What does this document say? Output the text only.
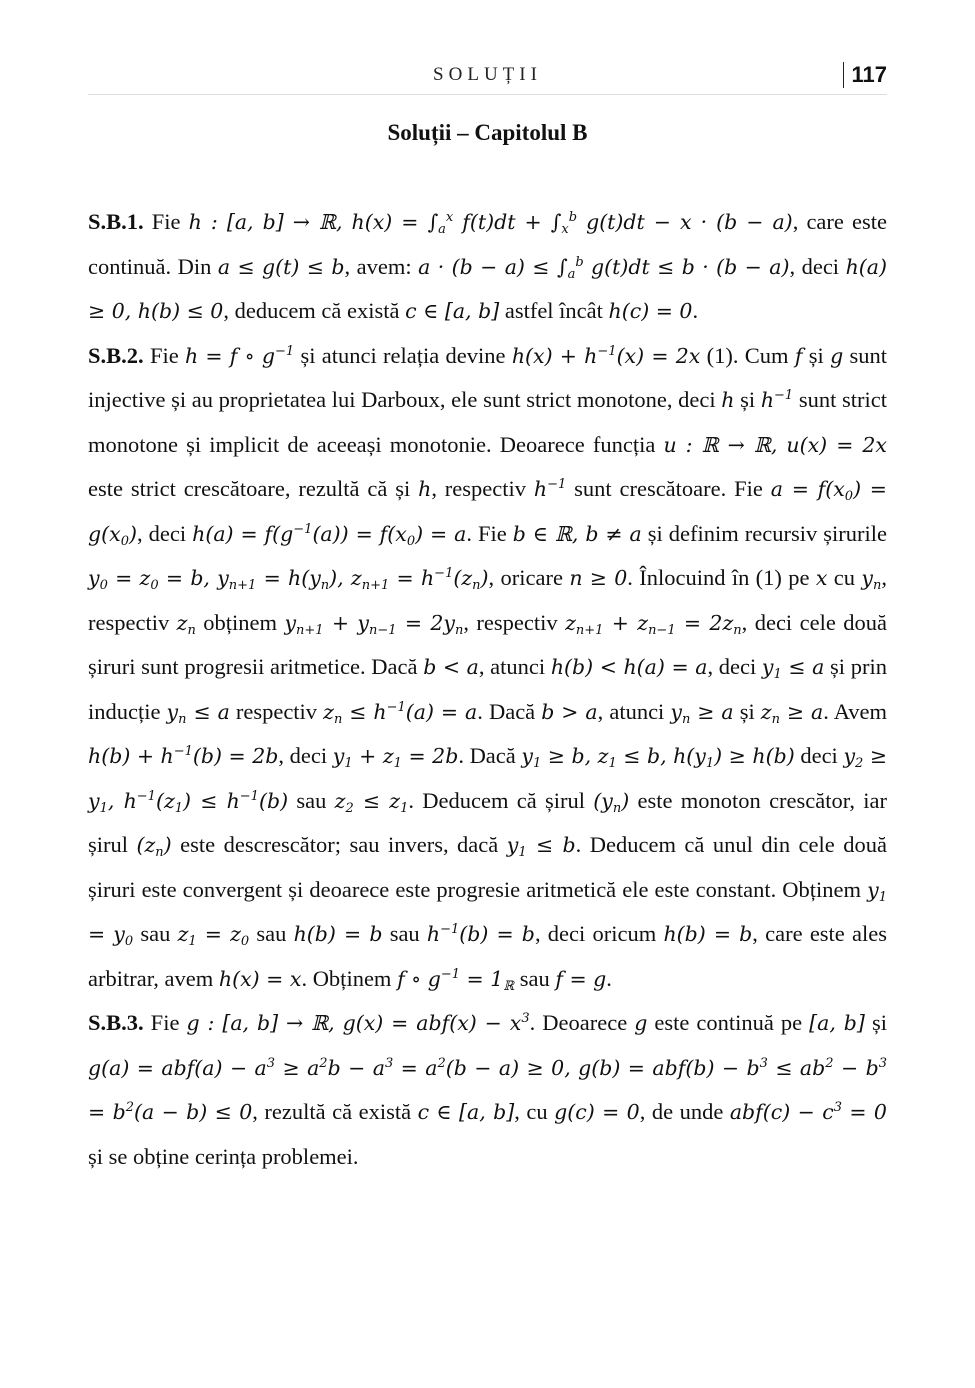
SOLUȚII	117
Soluții – Capitolul B

S.B.1. Fie h : [a, b] → ℝ, $h(x) = \int_a^x$ $f(t)dt + \int_x^b$ g(t)dt − x · (b − a), care este continuă. Din a ≤ g(t) ≤ b, avem: $a \cdot (b - a) \le \int_a^b$ g(t)dt ≤ b · (b − a), deci h(a) ≥ 0, h(b) ≤ 0, deducem că există c ∈ [a, b] astfel încât h(c) = 0.

S.B.2. Fie h = f ∘ $g^{-1}$ și atunci relația devine $h(x) + h^{-1}(x) = 2x$ (1). Cum f și g sunt injective și au proprietatea lui Darboux, ele sunt strict monotone, deci h și $h^{-1}$ sunt strict monotone și implicit de aceeași monotonie. Deoarece funcția u : ℝ → ℝ, u(x) = 2x este strict crescătoare, rezultă că și h, respectiv $h^{-1}$ sunt crescătoare. Fie $a = f(x_0) = g(x_0)$, deci $h(a) = f(g^{-1}(a)) = f(x_0) = a$. Fie b ∈ ℝ, b ≠ a și definim recursiv șirurile $y_0 = z_0 = b$, $y_{n+1} = h(y_n)$, $z_{n+1} = h^{-1}(z_n)$, oricare n ≥ 0. Înlocuind în (1) pe x cu $y_n$, respectiv $z_n$ obținem $y_{n+1} + y_{n-1} = 2y_n$, respectiv $z_{n+1} + z_{n-1} = 2z_n$, deci cele două șiruri sunt progresii aritmetice. Dacă b < a, atunci h(b) < h(a) = a, deci $y_1 \le a$ și prin inducție $y_n \le a$ respectiv $z_n \le h^{-1}(a) = a$. Dacă b > a, atunci $y_n \ge a$ și $z_n \ge a$. Avem $h(b) + h^{-1}(b) = 2b$, deci $y_1 + z_1 = 2b$. Dacă $y_1 \ge b$, $z_1 \le b$, $h(y_1) \ge h(b)$ deci $y_2 \ge y_1$, $h^{-1}(z_1) \le h^{-1}(b)$ sau $z_2 \le z_1$. Deducem că șirul $(y_n)$ este monoton crescător, iar șirul $(z_n)$ este descrescător; sau invers, dacă $y_1 \le b$. Deducem că unul din cele două șiruri este convergent și deoarece este progresie aritmetică ele este constant. Obținem $y_1 = y_0$ sau $z_1 = z_0$ sau h(b) = b sau $h^{-1}(b) = b$, deci oricum h(b) = b, care este ales arbitrar, avem h(x) = x. Obținem f ∘ $g^{-1} = 1_ℝ$ sau f = g.

S.B.3. Fie g : [a, b] → ℝ, $g(x) = abf(x) - x^3$. Deoarece g este continuă pe [a, b] și $g(a) = abf(a) - a^3 \ge a^2b - a^3 = a^2(b - a) \ge 0$, $g(b) = abf(b) - b^3 \le ab^2 - b^3 = b^2(a - b) \le 0$, rezultă că există c ∈ [a, b], cu g(c) = 0, de unde $abf(c) - c^3 = 0$ și se obține cerința problemei.
